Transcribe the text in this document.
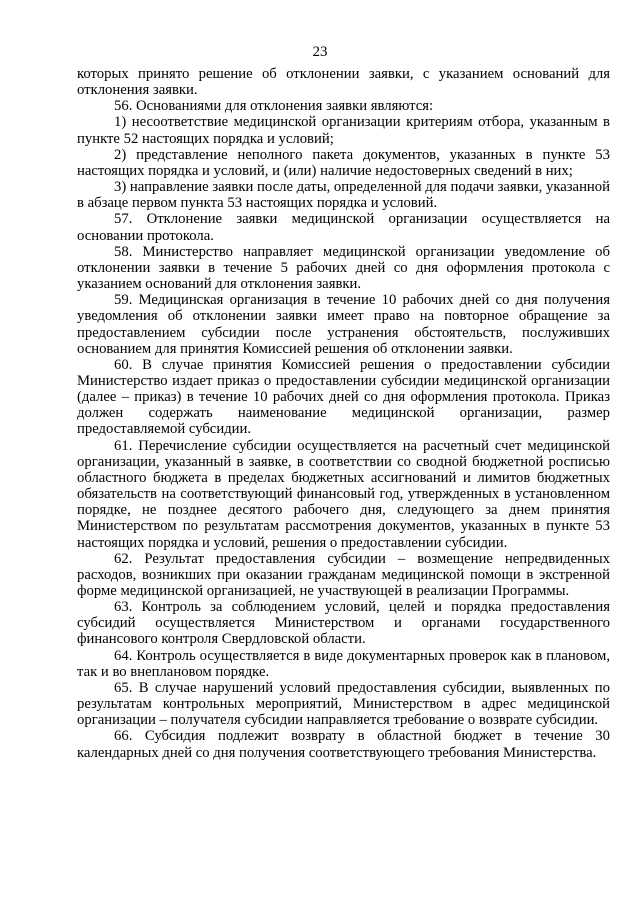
23

которых принято решение об отклонении заявки, с указанием оснований для отклонения заявки.

56. Основаниями для отклонения заявки являются:

1) несоответствие медицинской организации критериям отбора, указанным в пункте 52 настоящих порядка и условий;

2) представление неполного пакета документов, указанных в пункте 53 настоящих порядка и условий, и (или) наличие недостоверных сведений в них;

3) направление заявки после даты, определенной для подачи заявки, указанной в абзаце первом пункта 53 настоящих порядка и условий.

57. Отклонение заявки медицинской организации осуществляется на основании протокола.

58. Министерство направляет медицинской организации уведомление об отклонении заявки в течение 5 рабочих дней со дня оформления протокола с указанием оснований для отклонения заявки.

59. Медицинская организация в течение 10 рабочих дней со дня получения уведомления об отклонении заявки имеет право на повторное обращение за предоставлением субсидии после устранения обстоятельств, послуживших основанием для принятия Комиссией решения об отклонении заявки.

60. В случае принятия Комиссией решения о предоставлении субсидии Министерство издает приказ о предоставлении субсидии медицинской организации (далее – приказ) в течение 10 рабочих дней со дня оформления протокола. Приказ должен содержать наименование медицинской организации, размер предоставляемой субсидии.

61. Перечисление субсидии осуществляется на расчетный счет медицинской организации, указанный в заявке, в соответствии со сводной бюджетной росписью областного бюджета в пределах бюджетных ассигнований и лимитов бюджетных обязательств на соответствующий финансовый год, утвержденных в установленном порядке, не позднее десятого рабочего дня, следующего за днем принятия Министерством по результатам рассмотрения документов, указанных в пункте 53 настоящих порядка и условий, решения о предоставлении субсидии.

62. Результат предоставления субсидии – возмещение непредвиденных расходов, возникших при оказании гражданам медицинской помощи в экстренной форме медицинской организацией, не участвующей в реализации Программы.

63. Контроль за соблюдением условий, целей и порядка предоставления субсидий осуществляется Министерством и органами государственного финансового контроля Свердловской области.

64. Контроль осуществляется в виде документарных проверок как в плановом, так и во внеплановом порядке.

65. В случае нарушений условий предоставления субсидии, выявленных по результатам контрольных мероприятий, Министерством в адрес медицинской организации – получателя субсидии направляется требование о возврате субсидии.

66. Субсидия подлежит возврату в областной бюджет в течение 30 календарных дней со дня получения соответствующего требования Министерства.
